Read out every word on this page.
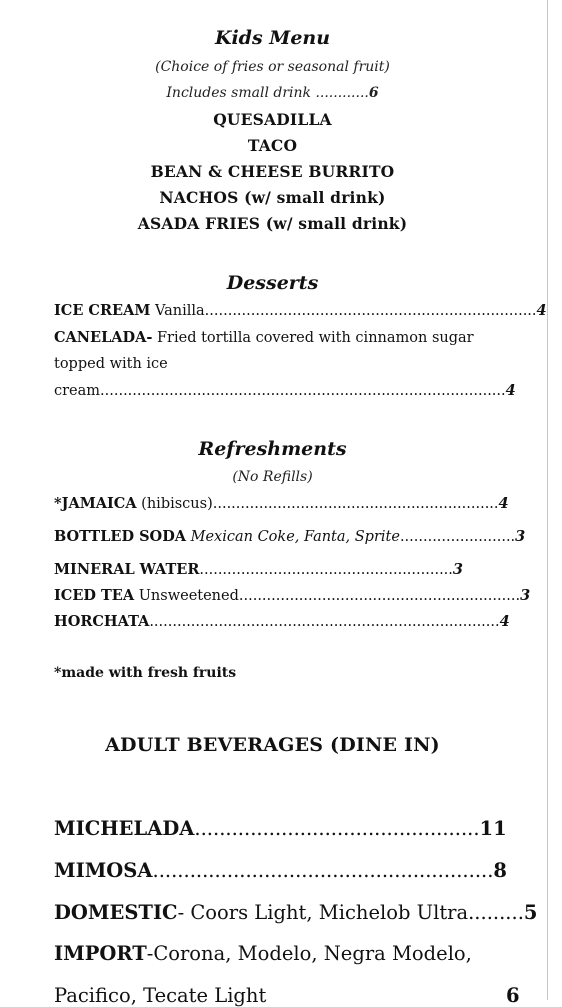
Kids Menu
(Choice of fries or seasonal fruit)
Includes small drink ............6
QUESADILLA
TACO
BEAN & CHEESE BURRITO
NACHOS (w/ small drink)
ASADA FRIES (w/ small drink)
Desserts
ICE CREAM Vanilla........................................................................4
CANELADA- Fried tortilla covered with cinnamon sugar
topped with ice
cream........................................................................................4
Refreshments
(No Refills)
*JAMAICA (hibiscus)..............................................................4
BOTTLED SODA Mexican Coke, Fanta, Sprite.........................3
MINERAL WATER.......................................................3
ICED TEA Unsweetened.............................................................3
HORCHATA............................................................................4
*made with fresh fruits
ADULT BEVERAGES (DINE IN)
MICHELADA..............................................11
MIMOSA.......................................................8
DOMESTIC- Coors Light, Michelob Ultra.........5
IMPORT-Corona, Modelo, Negra Modelo,
Pacifico, Tecate Light	6
